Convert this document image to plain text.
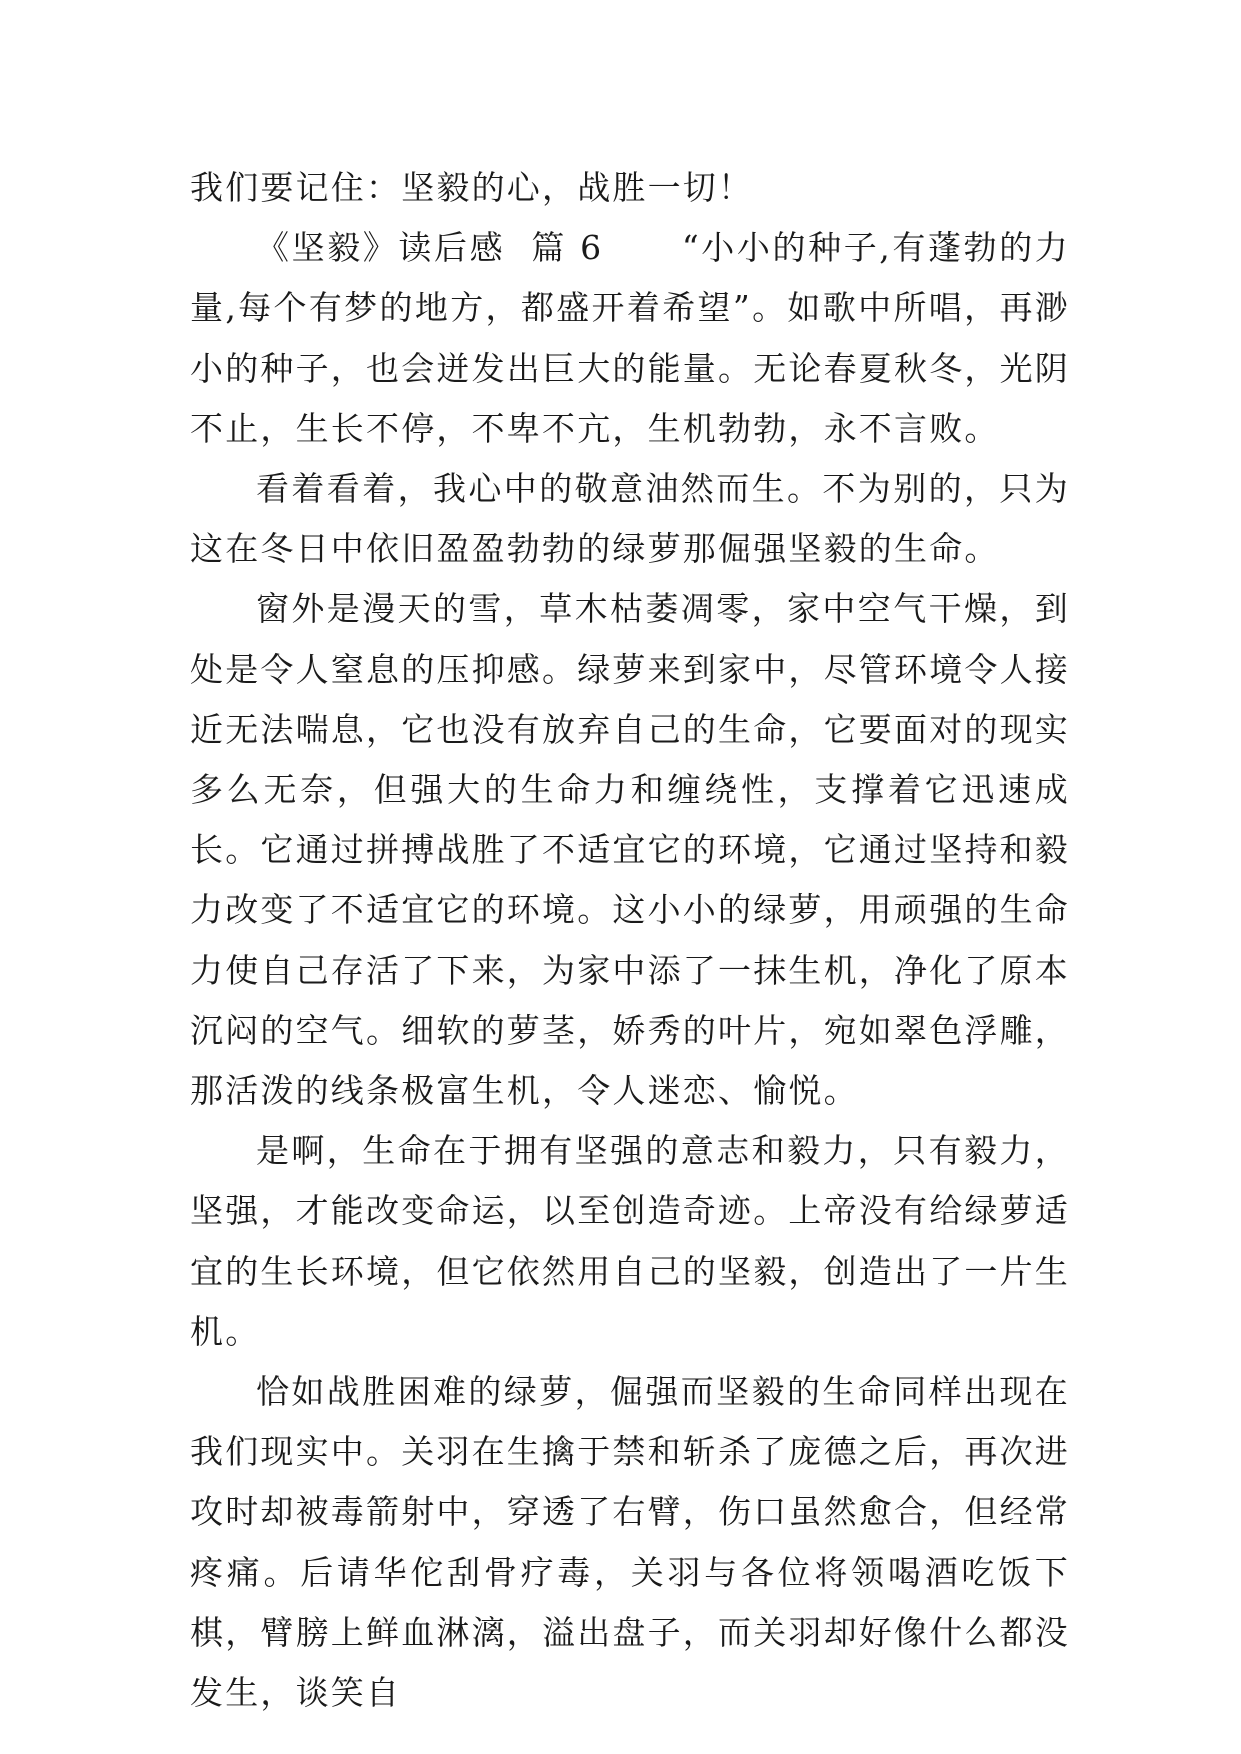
我们要记住：坚毅的心，战胜一切！

《坚毅》读后感  篇 6      “小小的种子,有蓬勃的力量,每个有梦的地方，都盛开着希望”。如歌中所唱，再渺小的种子，也会迸发出巨大的能量。无论春夏秋冬，光阴不止，生长不停，不卑不亢，生机勃勃，永不言败。

看着看着，我心中的敬意油然而生。不为别的，只为这在冬日中依旧盈盈勃勃的绿萝那倔强坚毅的生命。

窗外是漫天的雪，草木枯萎凋零，家中空气干燥，到处是令人窒息的压抑感。绿萝来到家中，尽管环境令人接近无法喘息，它也没有放弃自己的生命，它要面对的现实多么无奈，但强大的生命力和缠绕性，支撑着它迅速成长。它通过拼搏战胜了不适宜它的环境，它通过坚持和毅力改变了不适宜它的环境。这小小的绿萝，用顽强的生命力使自己存活了下来，为家中添了一抹生机，净化了原本沉闷的空气。细软的萝茎，娇秀的叶片，宛如翠色浮雕，那活泼的线条极富生机，令人迷恋、愉悦。

是啊，生命在于拥有坚强的意志和毅力，只有毅力，坚强，才能改变命运，以至创造奇迹。上帝没有给绿萝适宜的生长环境，但它依然用自己的坚毅，创造出了一片生机。

恰如战胜困难的绿萝，倔强而坚毅的生命同样出现在我们现实中。关羽在生擒于禁和斩杀了庞德之后，再次进攻时却被毒箭射中，穿透了右臂，伤口虽然愈合，但经常疼痛。后请华佗刮骨疗毒，关羽与各位将领喝酒吃饭下棋，臂膀上鲜血淋漓，溢出盘子，而关羽却好像什么都没发生，谈笑自
